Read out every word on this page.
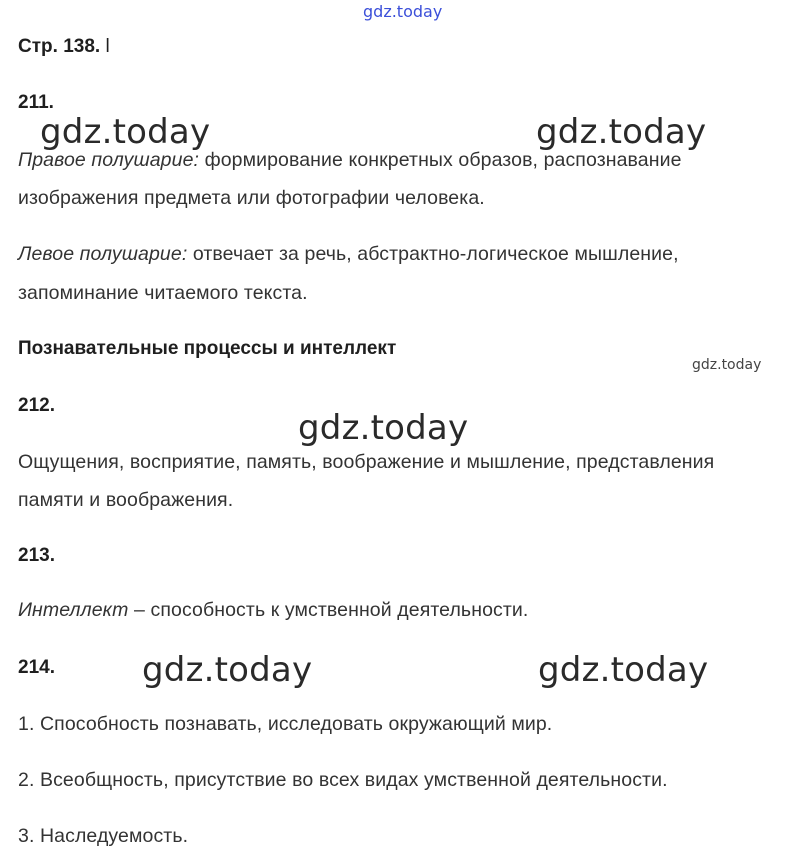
gdz.today
Стр. 138. l
211.
gdz.today	gdz.today
Правое полушарие: формирование конкретных образов, распознавание
изображения предмета или фотографии человека.
Левое полушарие: отвечает за речь, абстрактно-логическое мышление,
запоминание читаемого текста.
Познавательные процессы и интеллект
gdz.today
212.
gdz.today
Ощущения, восприятие, память, воображение и мышление, представления
памяти и воображения.
213.
Интеллект – способность к умственной деятельности.
214.	gdz.today	gdz.today
1. Способность познавать, исследовать окружающий мир.
2. Всеобщность, присутствие во всех видах умственной деятельности.
3. Наследуемость.
